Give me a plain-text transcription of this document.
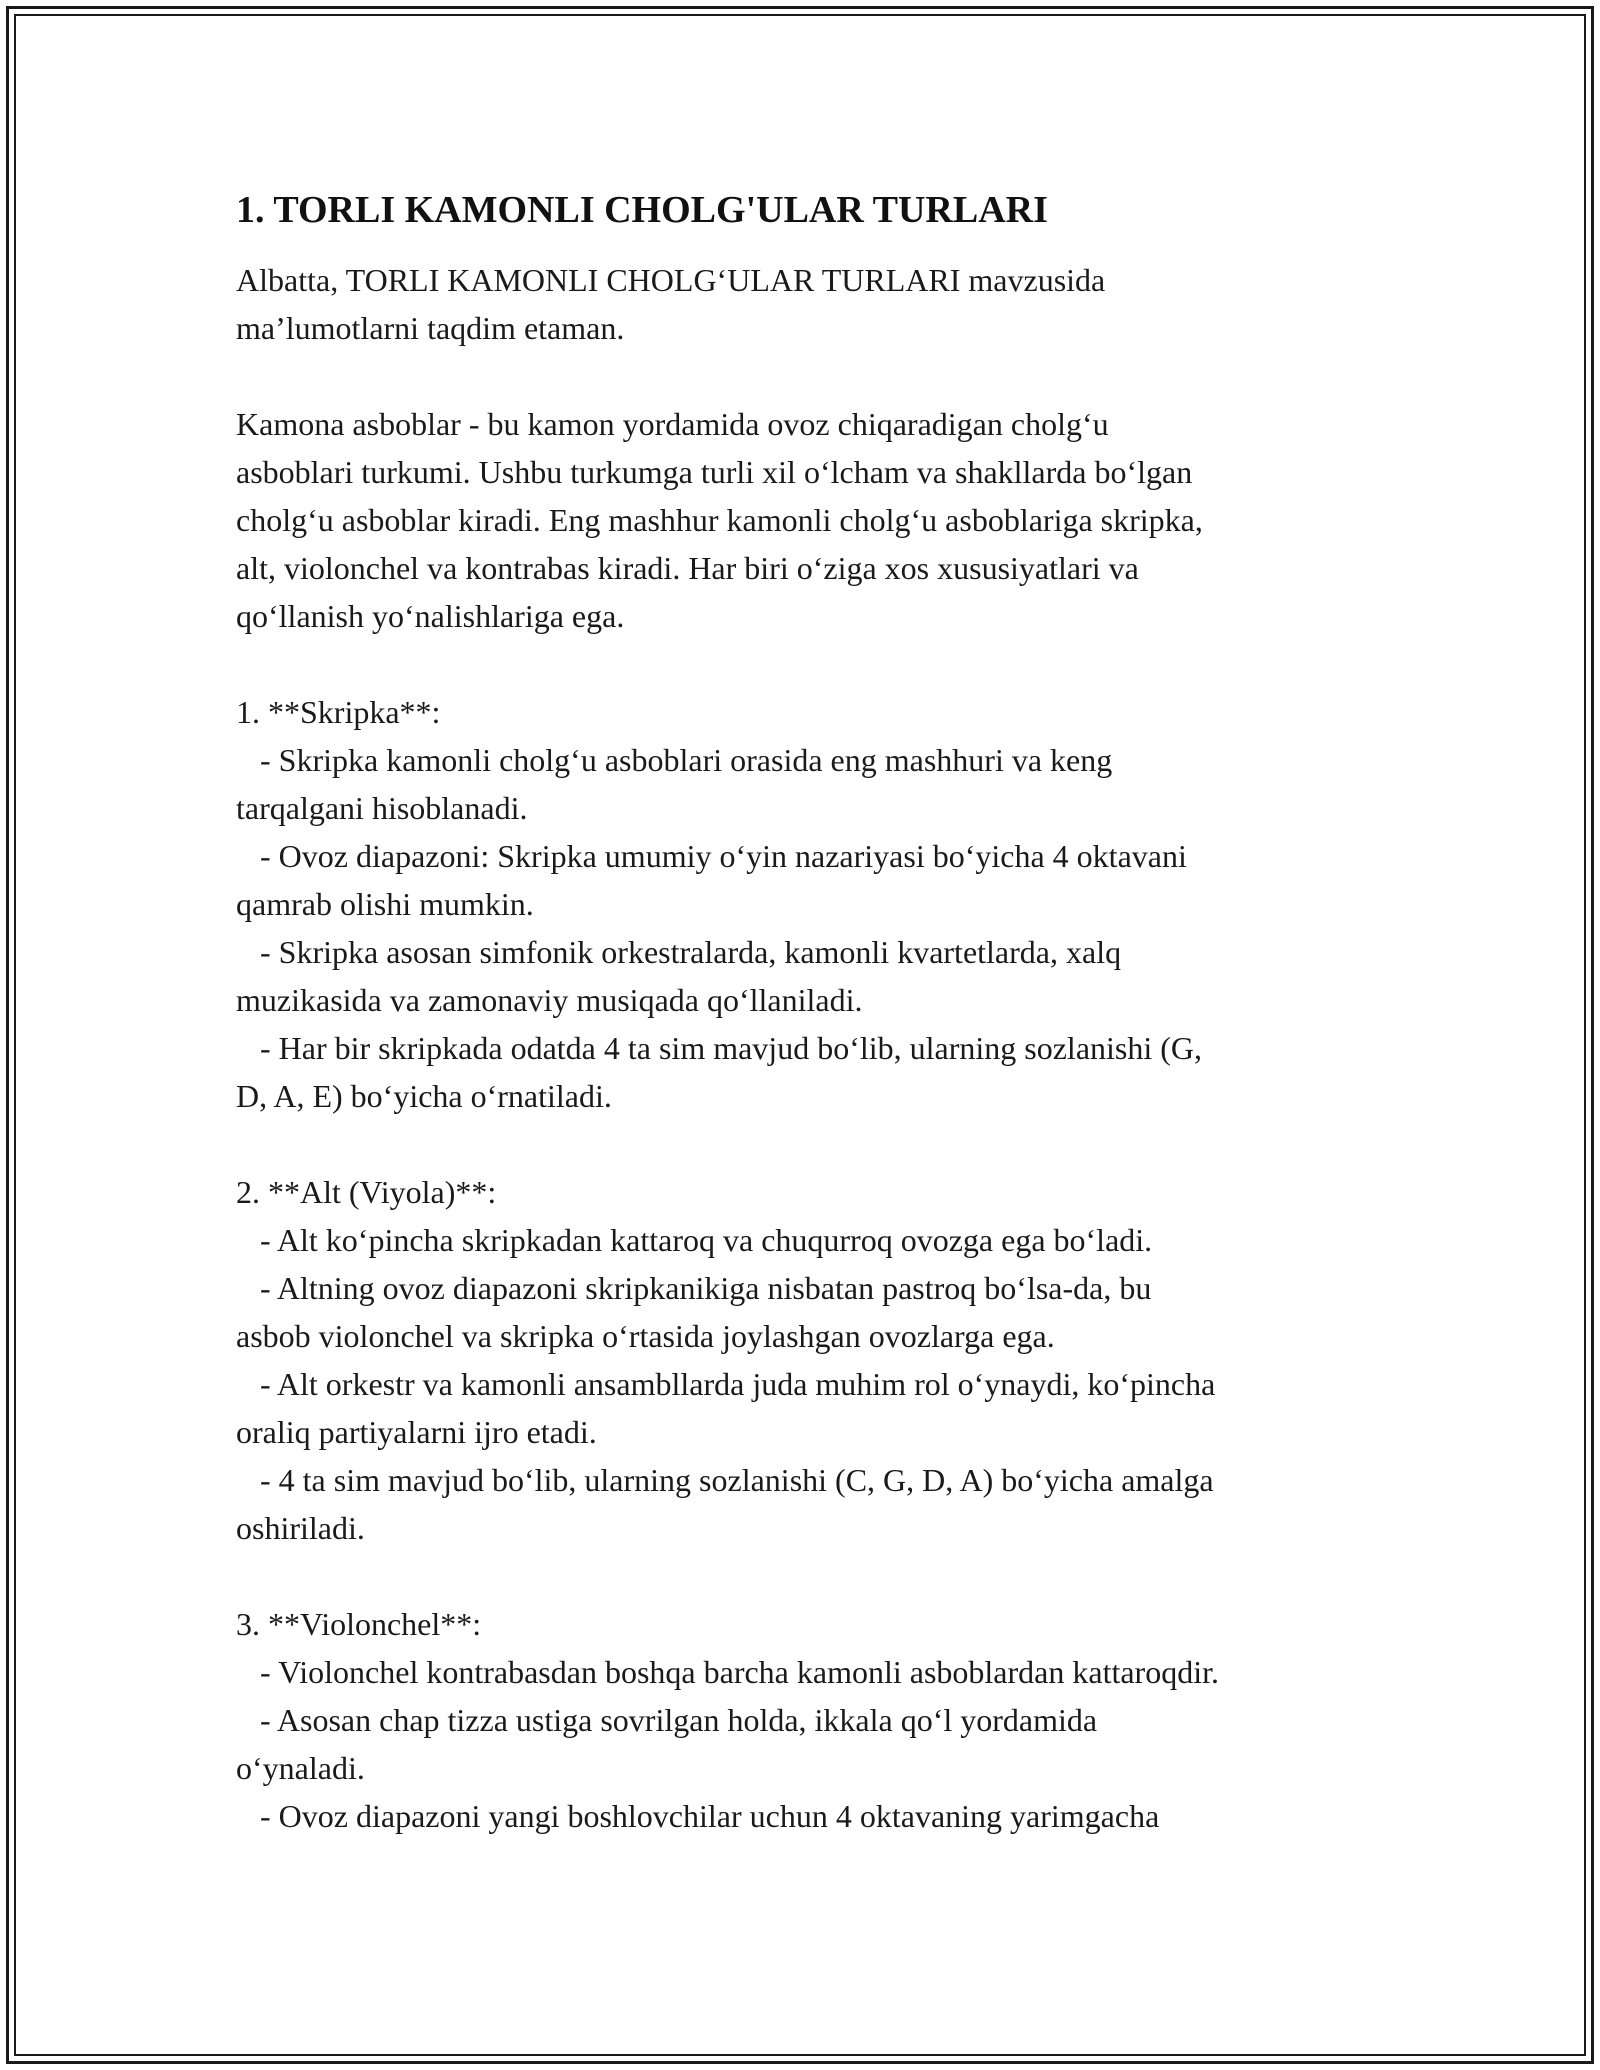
1. TORLI KAMONLI CHOLG'ULAR TURLARI

Albatta, TORLI KAMONLI CHOLGʻULAR TURLARI mavzusida
maʼlumotlarni taqdim etaman.

Kamona asboblar - bu kamon yordamida ovoz chiqaradigan cholgʻu
asboblari turkumi. Ushbu turkumga turli xil oʻlcham va shakllarda boʻlgan
cholgʻu asboblar kiradi. Eng mashhur kamonli cholgʻu asboblariga skripka,
alt, violonchel va kontrabas kiradi. Har biri oʻziga xos xususiyatlari va
qoʻllanish yoʻnalishlariga ega.

1. **Skripka**:

- Skripka kamonli cholgʻu asboblari orasida eng mashhuri va keng
tarqalgani hisoblanadi.

- Ovoz diapazoni: Skripka umumiy oʻyin nazariyasi boʻyicha 4 oktavani
qamrab olishi mumkin.

- Skripka asosan simfonik orkestralarda, kamonli kvartetlarda, xalq
muzikasida va zamonaviy musiqada qoʻllaniladi.

- Har bir skripkada odatda 4 ta sim mavjud boʻlib, ularning sozlanishi (G,
D, A, E) boʻyicha oʻrnatiladi.

2. **Alt (Viyola)**:

- Alt koʻpincha skripkadan kattaroq va chuqurroq ovozga ega boʻladi.

- Altning ovoz diapazoni skripkanikiga nisbatan pastroq boʻlsa-da, bu
asbob violonchel va skripka oʻrtasida joylashgan ovozlarga ega.

- Alt orkestr va kamonli ansambllarda juda muhim rol oʻynaydi, koʻpincha
oraliq partiyalarni ijro etadi.

- 4 ta sim mavjud boʻlib, ularning sozlanishi (C, G, D, A) boʻyicha amalga
oshiriladi.

3. **Violonchel**:

- Violonchel kontrabasdan boshqa barcha kamonli asboblardan kattaroqdir.

- Asosan chap tizza ustiga sovrilgan holda, ikkala qoʻl yordamida
oʻynaladi.

- Ovoz diapazoni yangi boshlovchilar uchun 4 oktavaning yarimgacha
